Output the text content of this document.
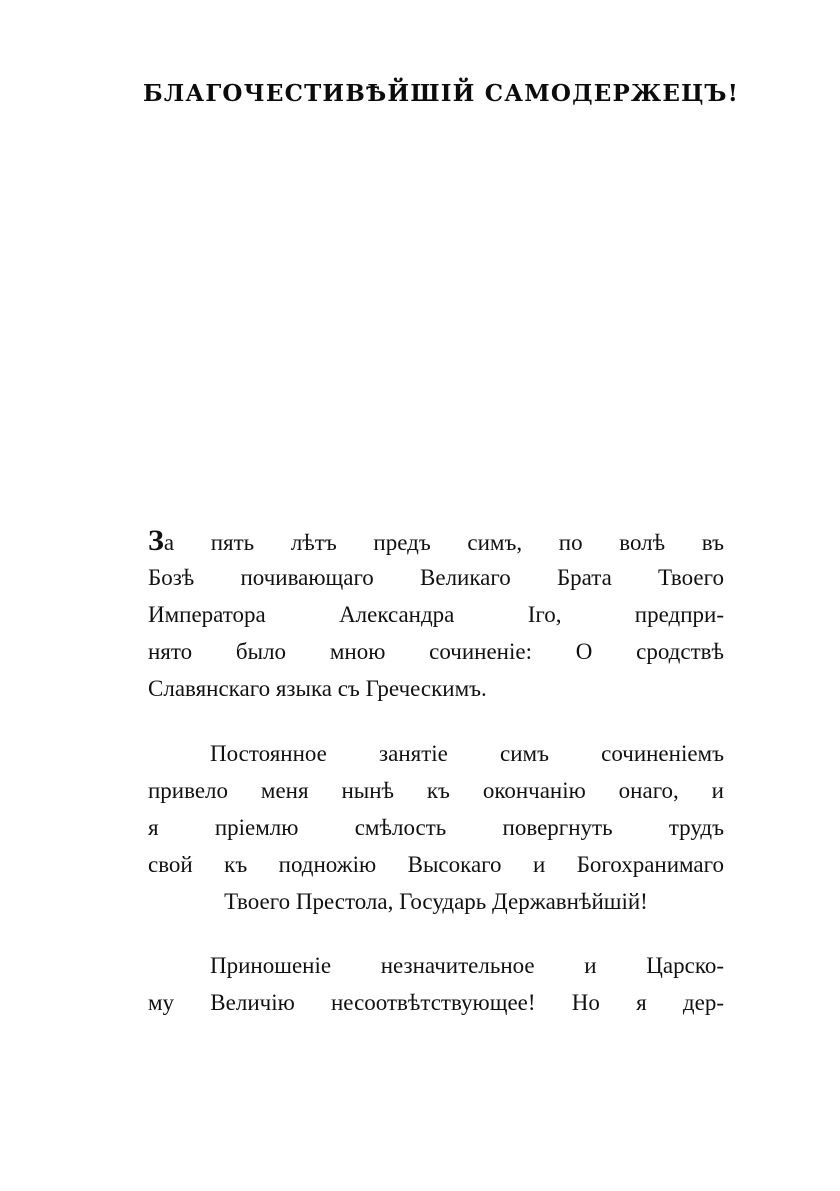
БЛАГОЧЕСТИВѢЙШІЙ САМОДЕРЖЕЦЪ!
За пять лѣтъ предъ симъ, по волѣ въ
Бозѣ почивающаго Великаго Брата Твоего
Императора Александра Iго, предпри-
нято было мною сочиненіе: О сродствѣ
Славянскаго языка съ Греческимъ.
Постоянное занятіе симъ сочиненіемъ
привело меня нынѣ къ окончанію онаго, и
я пріемлю смѣлость повергнуть трудъ
свой къ подножію Высокаго и Богохранимаго
Твоего Престола, Государь Державнѣйшій!
Приношеніе незначительное и Царско-
му Величію несоотвѣтствующее! Но я дер-
